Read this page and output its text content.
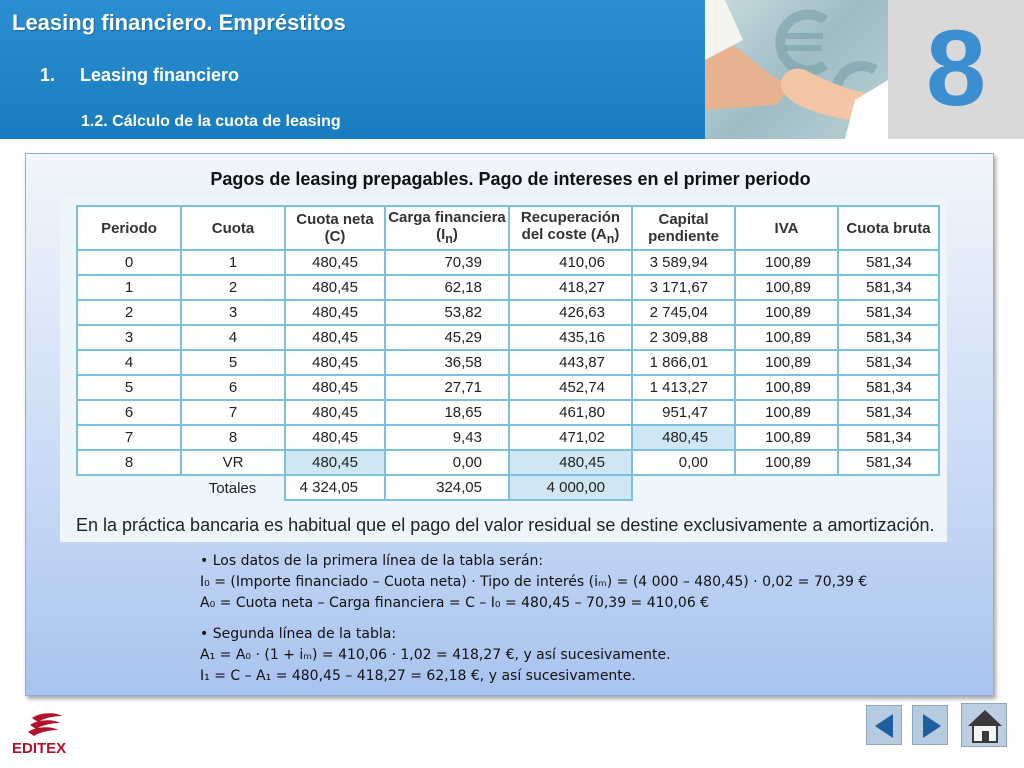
Leasing financiero. Empréstitos
1. Leasing financiero
1.2. Cálculo de la cuota de leasing	8
Pagos de leasing prepagables. Pago de intereses en el primer periodo
Periodo	Cuota	Cuota neta (C)	Carga financiera $(I_n)$	Recuperación del coste $(A_n)$	Capital pendiente	IVA	Cuota bruta
0	1	480,45	70,39	410,06	3 589,94	100,89	581,34
1	2	480,45	62,18	418,27	3 171,67	100,89	581,34
2	3	480,45	53,82	426,63	2 745,04	100,89	581,34
3	4	480,45	45,29	435,16	2 309,88	100,89	581,34
4	5	480,45	36,58	443,87	1 866,01	100,89	581,34
5	6	480,45	27,71	452,74	1 413,27	100,89	581,34
6	7	480,45	18,65	461,80	951,47	100,89	581,34
7	8	480,45	9,43	471,02	480,45	100,89	581,34
8	VR	480,45	0,00	480,45	0,00	100,89	581,34
	Totales	4 324,05	324,05	4 000,00			
En la práctica bancaria es habitual que el pago del valor residual se destine exclusivamente a amortización.

• Los datos de la primera línea de la tabla serán:

I₀ = (Importe financiado – Cuota neta) · Tipo de interés (iₘ) = (4 000 – 480,45) · 0,02 = 70,39 €

A₀ = Cuota neta – Carga financiera = C – I₀ = 480,45 – 70,39 = 410,06 €

• Segunda línea de la tabla:

A₁ = A₀ · (1 + iₘ) = 410,06 · 1,02 = 418,27 €, y así sucesivamente.

I₁ = C – A₁ = 480,45 – 418,27 = 62,18 €, y así sucesivamente.

EDITEX
